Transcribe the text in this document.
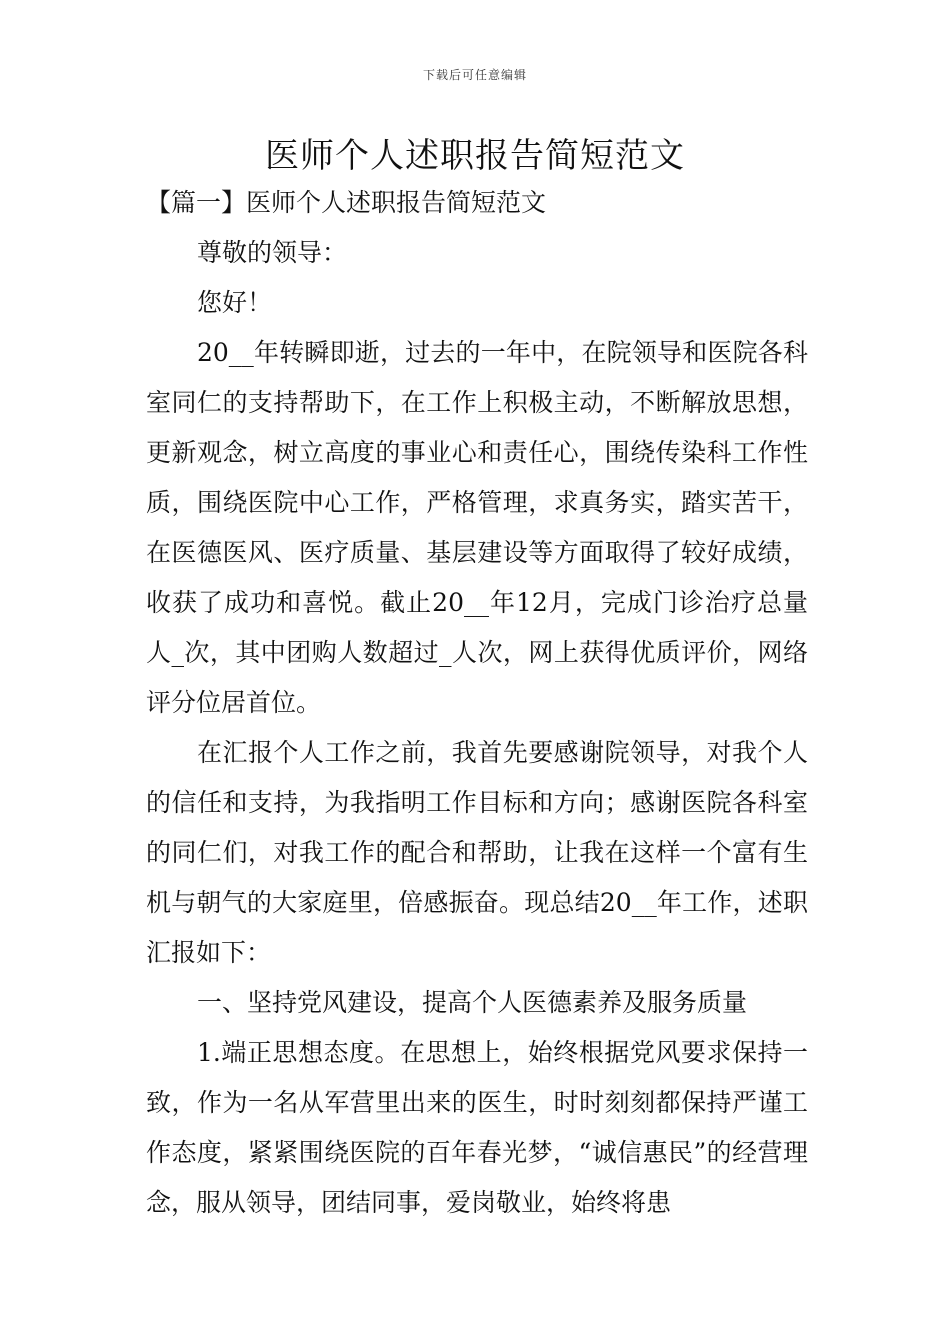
下载后可任意编辑
医师个人述职报告简短范文

【篇一】医师个人述职报告简短范文

尊敬的领导：

您好！

20__年转瞬即逝，过去的一年中，在院领导和医院各科室同仁的支持帮助下，在工作上积极主动，不断解放思想，更新观念，树立高度的事业心和责任心，围绕传染科工作性质，围绕医院中心工作，严格管理，求真务实，踏实苦干，在医德医风、医疗质量、基层建设等方面取得了较好成绩，收获了成功和喜悦。截止20__年12月，完成门诊治疗总量人_次，其中团购人数超过_人次，网上获得优质评价，网络评分位居首位。

在汇报个人工作之前，我首先要感谢院领导，对我个人的信任和支持，为我指明工作目标和方向；感谢医院各科室的同仁们，对我工作的配合和帮助，让我在这样一个富有生机与朝气的大家庭里，倍感振奋。现总结20__年工作，述职汇报如下：

一、坚持党风建设，提高个人医德素养及服务质量

1.端正思想态度。在思想上，始终根据党风要求保持一致，作为一名从军营里出来的医生，时时刻刻都保持严谨工作态度，紧紧围绕医院的百年春光梦，“诚信惠民”的经营理念，服从领导，团结同事，爱岗敬业，始终将患
